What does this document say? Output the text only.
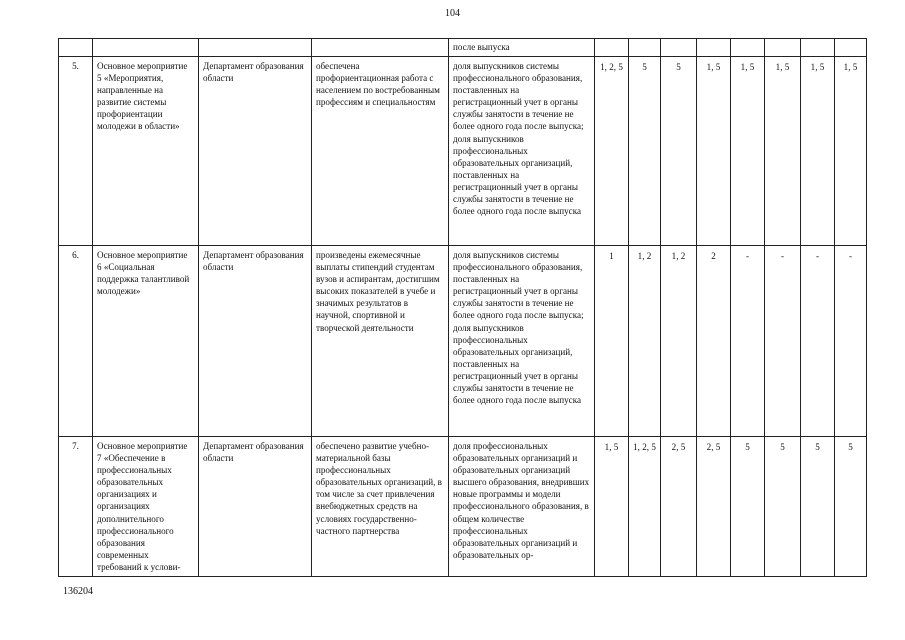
104
				после выпуска								
5.	Основное мероприятие 5 «Мероприятия, направленные на развитие системы профориентации молодежи в области»	Департамент образования области	обеспечена профориентационная работа с населением по востребованным профессиям и специальностям	доля выпускников системы профессионального образования, поставленных на регистрационный учет в органы службы занятости в течение не более одного года после выпуска; доля выпускников профессиональных образовательных организаций, поставленных на регистрационный учет в органы службы занятости в течение не более одного года после выпуска	1, 2, 5	5	5	1, 5	1, 5	1, 5	1, 5	1, 5
6.	Основное мероприятие 6 «Социальная поддержка талантливой молодежи»	Департамент образования области	произведены ежемесячные выплаты стипендий студентам вузов и аспирантам, достигшим высоких показателей в учебе и значимых результатов в научной, спортивной и творческой деятельности	доля выпускников системы профессионального образования, поставленных на регистрационный учет в органы службы занятости в течение не более одного года после выпуска; доля выпускников профессиональных образовательных организаций, поставленных на регистрационный учет в органы службы занятости в течение не более одного года после выпуска	1	1, 2	1, 2	2	-	-	-	-
7.	Основное мероприятие 7 «Обеспечение в профессиональных образовательных организациях и организациях дополнительного профессионального образования современных требований к услови-	Департамент образования области	обеспечено развитие учебно-материальной базы профессиональных образовательных организаций, в том числе за счет привлечения внебюджетных средств на условиях государственно-частного партнерства	доля профессиональных образовательных организаций и образовательных организаций высшего образования, внедривших новые программы и модели профессионального образования, в общем количестве профессиональных образовательных организаций и образовательных ор-	1, 5	1, 2, 5	2, 5	2, 5	5	5	5	5
136204
